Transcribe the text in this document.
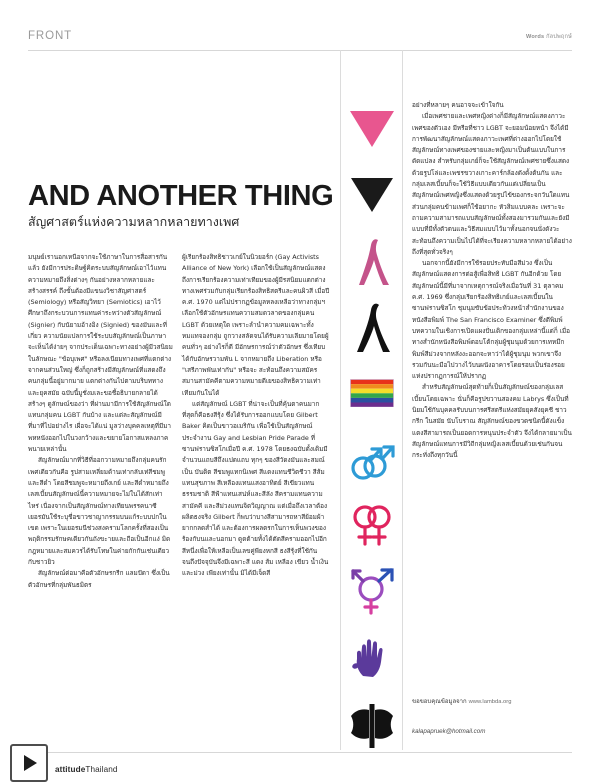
FRONT	Words กัลปพฤกษ์
AND ANOTHER THING

สัญศาสตร์แห่งความหลากหลายทางเพศ

มนุษย์เรานอกเหนือจากจะใช้ภาษาในการสื่อสารกันแล้ว ยังมีการประดิษฐ์คิดระบบสัญลักษณ์เอาไว้แทนความหมายถึงสิ่งต่างๆ กันอย่างหลากหลายและสร้างสรรค์ ถึงขั้นต้องมีแขนงวิชาสัญศาสตร์ (Semiology) หรือสัญวิทยา (Semiotics) เอาไว้ศึกษาถึงกระบวนการแทนค่าระหว่างตัวสัญลักษณ์ (Signier) กับนัยามอ้างอิง (Signied) ของมันและที่เกี่ยว ความนัยแปลการใช้ระบบสัญลักษณ์เป็นภาษาจะเห็นได้ง่ายๆ จากประเด็นเฉพาะทางอย่างผู้มีวสนิยมในลักษณะ "ข้อบุเพศ" หรือลงเนียมทางเพศที่แตกต่างจากคนส่วนใหญ่ ซึ่งก็ถูกสร้างมีสัญลักษณ์ที่แสดงถึงคนกลุ่มนี้อยู่มากมาย แตกต่างกันไปตามบริบททางและยุคสมัย ฉบับนี้มูชั่งมเละขอชี้อธิบายกลายได้สร้างๆ ดูลักษณ์ของว่า ที่ผ่านมามีการใช้สัญลักษณ์ใดแทนกลุ่มคน LGBT กันบ้าง และแต่ละสัญลักษณ์มีที่มาที่ไปอย่างไร เผื่อจะได้แน่ มูลว่างบุคคลเหตุที่มีมาพหหนังออกไปในวงกว้างและขยายโอกาสแหลงภาคพนายเหล่านั้น

สัญลักษณ์มากที่วิธีที่ออกวามหมายถึงกลุ่มคนรักเพศเดียวกันคือ รูปสามเหลี่ยมด้านเท่ากลับเท่สีชมพู และสีดำ โดยสีชมพูจะหมายถึงเกย์ และสีดำหมายถึงเลสเบี้ยนสัญลักษณ์นี้ความหมายจะไม่ในได้สักเท่าไหร่ เนื่องจากเป็นสัญลักษณ์ทางเทียนพรรคนาซีเยอรมันใช้ระบุชื่อขาวชาญากรรมบนแก้ระบบปกในเขต เพราะในเยอรมนีช่วงสงครามโลกครั้งที่สองเป็นพฤติกรรมรักษคเดียวกันถังขะายและถือเป็นอีกแง่ มิดกฎหมายและสมควรได้รับโทษในค่ายกักกันเช่นเดียวกับชาวยิว

สัญลักษณ์ต่อมาคือตัวอักษรกรีก แลมปัดา ซึ่งเป็นตัวอักษรที่กลุ่มพันธมิตร

ผู้เรียกร้องสิทธิชาวเกย์ในนิวยอร์ก (Gay Activists Alliance of New York) เลือกใช้เป็นสัญลักษณ์แสดงถึงการเรียกร้องความเท่าเทียมของผู้มีรสนิยมแตกต่างทางเพศร่วมกับกลุ่มเรียกร้องสิทธิสตรีและคนผิวสี เมื่อปี ค.ศ. 1970 แต่ไม่ปรากฏข้อมูลหลงเหลือว่าทางกลุ่มฯ เลือกใช้ตัวอักษรแทนความสมดวลาดของกลุ่มคน LGBT ด้วยเหตุใด เพราะลำนำความคมเฉพาะทั้งหมแทจองกลุ่ม ถูกวางสลัดจนได้รับความเลียมายโดยผู้คนทั่วๆ อย่างไรก็ดี มีอักษรการณ์ว่าตัวอักษร ซึ่งเทียบได้กับอักษรวามพัน L จากหมายถึง Liberation หรือ "เสรีภาพพันเท่ากัน" หรือจะ สะท้อนถึงความสมัครสมานสามัคคีตามความหมายดีเยของสิทธิความเท่าเทียมกันในได้

แต่สัญลักษณ์ LGBT ที่น่าจะเป็นที่คุ้นตาคนมากที่สุดก็คือธงสีรุ้ง ซึ่งได้รับการออกแบบโดย Gilbert Baker คิดเป็นขาวอเมริกัน เพื่อใช้เป็นสัญลักษณ์ประจำงาน Gay and Lesbian Pride Parade ที่ซานฟรานซิสโกเมื่อปี ค.ศ. 1978 โดยธงฉบับดั้งเดิมมีจำนวนแถบสีถึงแปดแถบ ทุกๆ ของสีวัดงมันและสมณ์เป็น บันติต สีชมพูแทกนิเพศ สีแดงแทนชีวิตชีวา สีส้มแทนสุขภาพ สีเหลืองแทนแสงอาทิตย์ สีเขียวแทนธรรมชาติ สีฟ้าแทนเสน่ห์และสีลัง สีครามแทนความสามัคคี และสีม่วงแทนจิตวิญญาณ แต่เมื่อถึงเวลาต้องผลิตธงจริง Gilbert ก็พบว่าบางสีสามารถหาสีย้อมผ้ายากกลดสำได้ และต้องการผลตรกในการเห็นพวงของร้องกับนและนอกมา ดูดต้ายทั้งได้ตัดสีครามออกไปอีกสีหนึ่งเพื่อให้เหลือเป็นเลขคู่พียงหกสี ธงสีรุ้งที่ใช้กันจนถึงปัจจุบันจึงมีเฉพาะสี แดง ส้ม เหลือง เขียว น้ำเงิน และม่วง เพียงเท่านั้น มิได้มีเจ็ดสี

อย่างที่หลายๆ คนอาจจะเข้าใจกัน

เมื่อเพศชายและเพศหญิงต่างก็มีสัญลักษณ์แสดงภาวะเพศของตัวเอง มีหรือที่ชาว LGBT จะยอมน้อยหน้า จึงได้มีการพัฒนาสัญลักษณ์แสดงภาวะเพศที่ต่างออกไปโดยใช้สัญลักษณ์ทางเพศของชายและหญิงมาเป็นต้นแบบในการดัดแปลง สำหรับกลุ่มเกย์ก็จะใช้สัญลักษณ์เพศชายซึ่งแสดงด้วยรูปโล่และเพชรขวางเกาะคาร์กล้องดังดั้งต้นกัน และกลุ่มเลสเบี้ยนก็จะใช้วิธีแบบเดียวกันแต่เปลี่ยนเป็นสัญลักษณ์เพศหญิงซึ่งแสดงด้วยรูปไข้ของกระจกวันใดแทน ส่วนกลุ่มคนข้ามเพศก็ใช้อยากะ หัวสิมแบบคละ เพราะจะถามความสามารถแบบสัญลักษณ์ทั้งสองมารวมกันและยังมีแบบที่มีทั้งตัวตนและวิธีสมแบบไว้มาทั้งนอกจนนั่งดังวะ สะท้อนถึงความเป็นไปได้ที่จะเรียงความหลากหลายได้อย่างถึงที่สุดทั่วจริงๆ

นอกจากนี้ยังมีการใช้รอยประทับมือสีม่วง ซึ่งเป็นสัญลักษณ์แสดงการต่อสู้เพื่อสิทธิ LGBT กันอีกด้วย โดยสัญลักษณ์นี้มีที่มาจากเหตุการณ์จริงเมื่อวันที่ 31 ตุลาคม ค.ศ. 1969 ซึ่งกลุ่มเรียกร้องสิทธิเกย์และเลสเบี้ยนในซานฟรานซิสโก ชุมนุมขับข้อประท้วงหน้าสำนักงานของหนังสือพิมพ์ The San Francisco Examiner ซึ่งตีพิมพ์บทความในเชิงการเปิดแผงปั่นเดิกของกลุ่มเหล่านี้แต่ก็ เมื่อทางสำนักหนังสือพิมพ์ตอบโต้กลุ่มผู้ชุมนุมด้วยการเทหมึกพิมพ์สีม่วงจากหลังงะออกจะหาว่าได้ผู้ชุมนุม พวกเขาจึงรวมกันนะมือไปวางไว้บนผนังอาคารโดยรอบเป็นร่องรอยแห่งปรากฏการณ์ให้ปรากฏ

สำหรับสัญลักษณ์สุดท้ายก็เป็นสัญลักษณ์ของกลุ่มเลสเบี้ยนโดยเฉพาะ นั่นก็คือรูปขวานสองคม Labrys ซึ่งเป็นที่นิยมใช้กันบุคคลรับบนการศรีสตรีแห่งสมัยยุคสังยุคชี ชาวกรีก ในสมัย นับโบราณ สัญลักษณ์ของขวดชนิดนี้ดังแข็งแตงสีสามารถเป็นยอดการหนุนประจำตัว จึงได้กลายมาเป็นสัญลักษณ์แทนการมีวิถีกลุ่มหญิงเลสเบี้ยนด้วยเช่นกันจนกระทั่งถึงทุกวันนี้

ขอขอบคุณข้อมูลจาก www.lambda.org
kalapapruek@hotmail.com
attitudeThailand
